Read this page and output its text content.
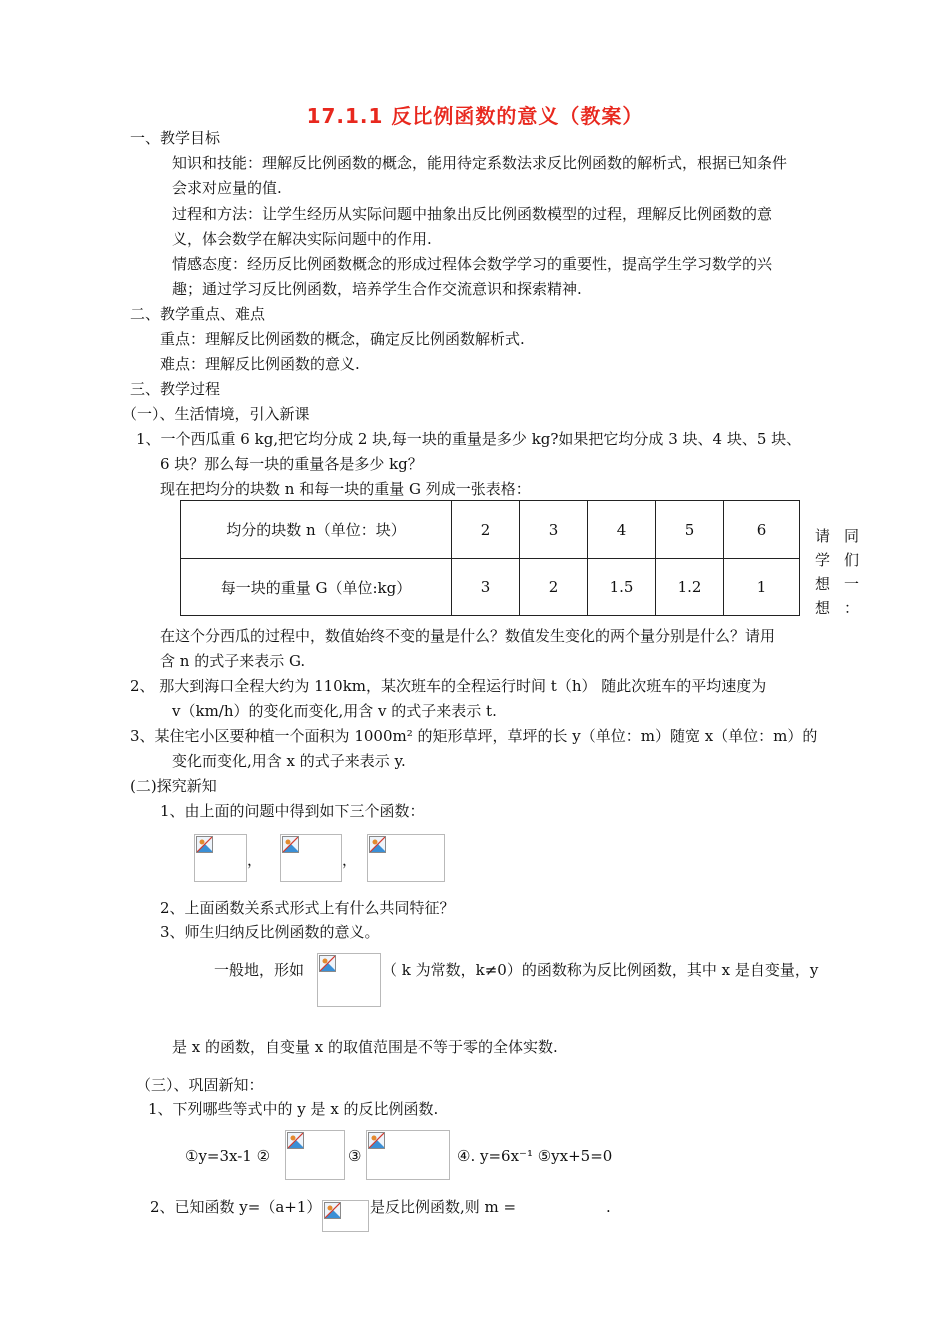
17.1.1 反比例函数的意义（教案）
一、教学目标
知识和技能：理解反比例函数的概念，能用待定系数法求反比例函数的解析式，根据已知条件
会求对应量的值.
过程和方法：让学生经历从实际问题中抽象出反比例函数模型的过程，理解反比例函数的意
义，体会数学在解决实际问题中的作用.
情感态度：经历反比例函数概念的形成过程体会数学学习的重要性，提高学生学习数学的兴
趣；通过学习反比例函数，培养学生合作交流意识和探索精神.
二、教学重点、难点
重点：理解反比例函数的概念，确定反比例函数解析式.
难点：理解反比例函数的意义.
三、教学过程
（一）、生活情境，引入新课
1、一个西瓜重 6 kg,把它均分成 2 块,每一块的重量是多少 kg?如果把它均分成 3 块、4 块、5 块、
6 块？那么每一块的重量各是多少 kg？
现在把均分的块数 n 和每一块的重量 G 列成一张表格：
均分的块数 n（单位：块）	2	3	4	5	6
每一块的重量 G（单位:kg）	3	2	1.5	1.2	1
请 同
学 们
想 一
想 ：
在这个分西瓜的过程中，数值始终不变的量是什么？数值发生变化的两个量分别是什么？请用
含 n 的式子来表示 G.
2、 那大到海口全程大约为 110km，某次班车的全程运行时间 t（h） 随此次班车的平均速度为
v（km/h）的变化而变化,用含 v 的式子来表示 t.
3、某住宅小区要种植一个面积为 1000m² 的矩形草坪，草坪的长 y（单位：m）随宽 x（单位：m）的
变化而变化,用含 x 的式子来表示 y.
(二)探究新知
1、由上面的问题中得到如下三个函数：
，	，
2、上面函数关系式形式上有什么共同特征？
3、师生归纳反比例函数的意义。
一般地，形如	（ k 为常数，k≠0）的函数称为反比例函数，其中 x 是自变量，y
是 x 的函数，自变量 x 的取值范围是不等于零的全体实数.
（三）、巩固新知：
1、下列哪些等式中的 y 是 x 的反比例函数.
①y=3x-1 ②	③	④. y=6x⁻¹ ⑤yx+5=0
2、已知函数 y=（a+1）	是反比例函数,则 m =	.
